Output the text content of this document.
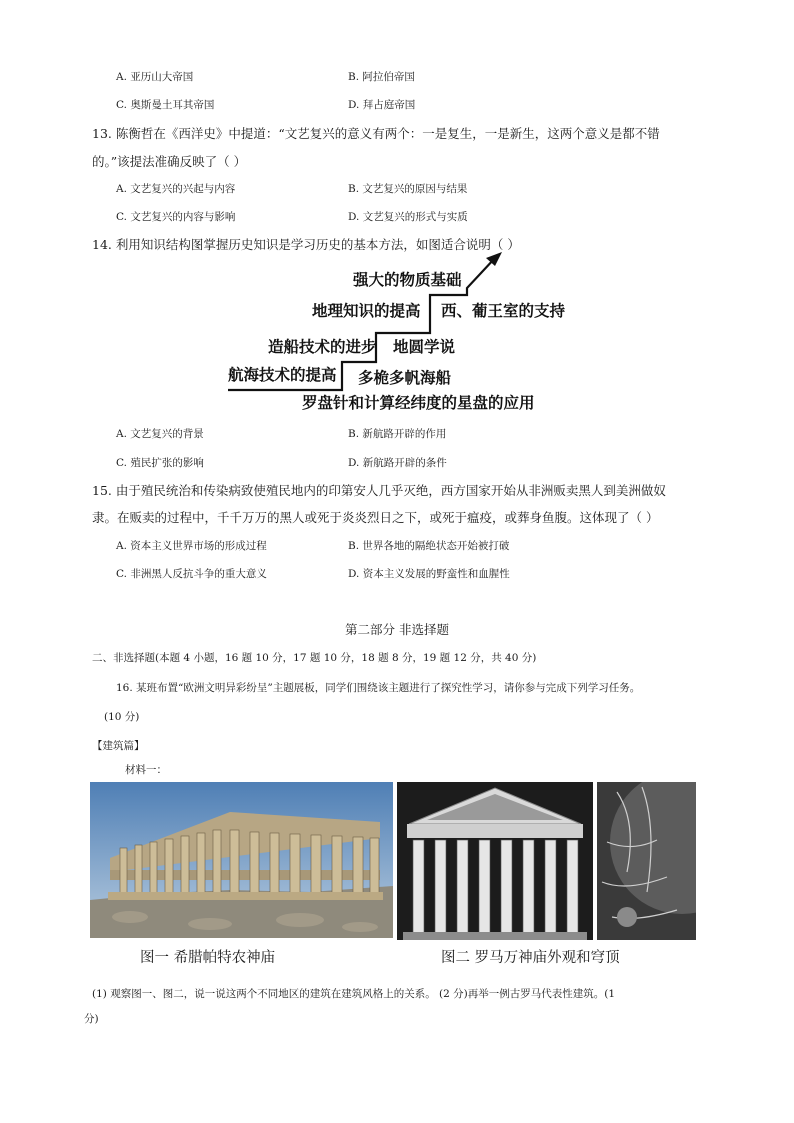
A. 亚历山大帝国	B. 阿拉伯帝国
C. 奥斯曼土耳其帝国	D. 拜占庭帝国
13. 陈衡哲在《西洋史》中提道：“文艺复兴的意义有两个：一是复生，一是新生，这两个意义是都不错
的。”该提法准确反映了（ ）
A. 文艺复兴的兴起与内容	B. 文艺复兴的原因与结果
C. 文艺复兴的内容与影响	D. 文艺复兴的形式与实质
14. 利用知识结构图掌握历史知识是学习历史的基本方法，如图适合说明（ ）
强大的物质基础
地理知识的提高
造船技术的进步
航海技术的提高
西、葡王室的支持
地圆学说
多桅多帆海船
罗盘针和计算经纬度的星盘的应用
A. 文艺复兴的背景	B. 新航路开辟的作用
C. 殖民扩张的影响	D. 新航路开辟的条件
15. 由于殖民统治和传染病致使殖民地内的印第安人几乎灭绝，西方国家开始从非洲贩卖黑人到美洲做奴
隶。在贩卖的过程中，千千万万的黑人或死于炎炎烈日之下，或死于瘟疫，或葬身鱼腹。这体现了（ ）
A. 资本主义世界市场的形成过程	B. 世界各地的隔绝状态开始被打破
C. 非洲黑人反抗斗争的重大意义	D. 资本主义发展的野蛮性和血腥性
第二部分 非选择题
二、非选择题(本题 4 小题，16 题 10 分，17 题 10 分，18 题 8 分，19 题 12 分，共 40 分)
16. 某班布置“欧洲文明异彩纷呈”主题展板，同学们围绕该主题进行了探究性学习，请你参与完成下列学习任务。
(10 分)
【建筑篇】
材料一：
图一 希腊帕特农神庙	图二 罗马万神庙外观和穹顶
(1) 观察图一、图二，说一说这两个不同地区的建筑在建筑风格上的关系。 (2 分)再举一例古罗马代表性建筑。(1
分)
